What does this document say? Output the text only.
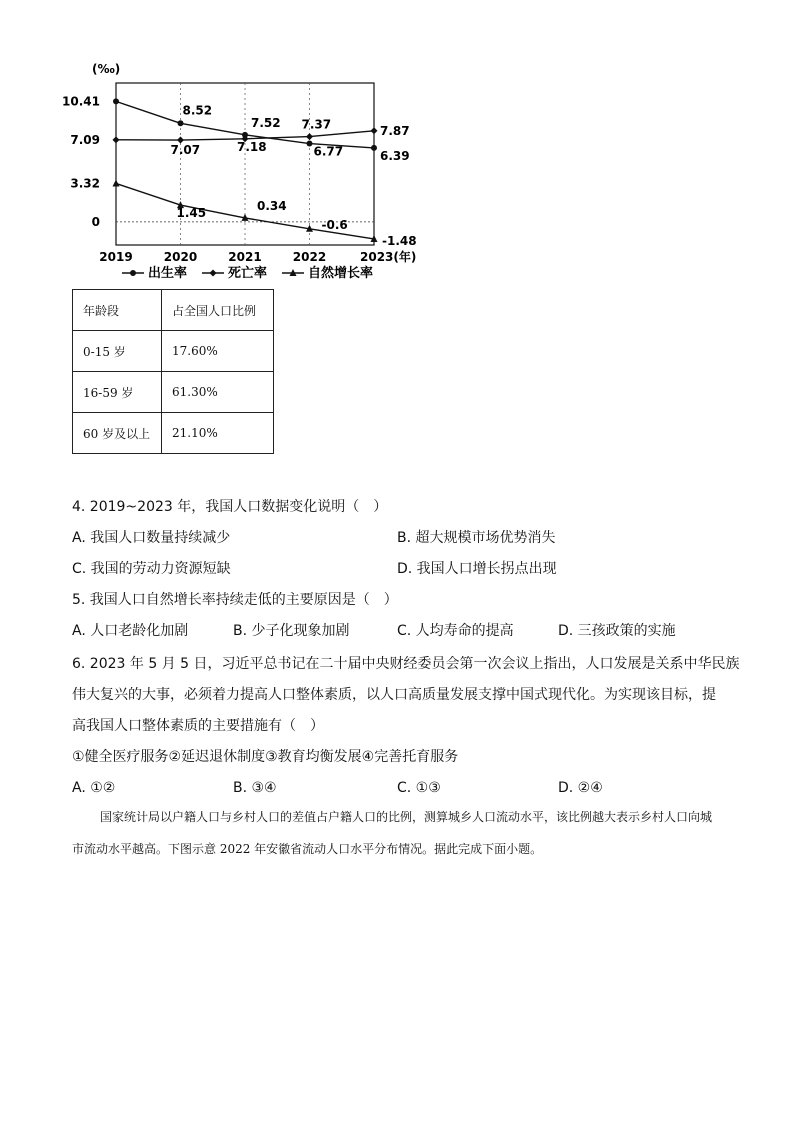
(‰)
10.41
7.09
3.32
0
2019	2020	2021	2022	2023(年)
8.52
7.52
6.77	6.39
7.07	7.18
7.37	7.87
1.45
0.34
-0.6
-1.48
出生率	死亡率	自然增长率
年龄段	占全国人口比例
0-15 岁	17.60%
16-59 岁	61.30%
60 岁及以上	21.10%
4. 2019~2023 年，我国人口数据变化说明（　）
A. 我国人口数量持续减少	B. 超大规模市场优势消失
C. 我国的劳动力资源短缺	D. 我国人口增长拐点出现
5. 我国人口自然增长率持续走低的主要原因是（　）
A. 人口老龄化加剧	B. 少子化现象加剧	C. 人均寿命的提高	D. 三孩政策的实施
6. 2023 年 5 月 5 日，习近平总书记在二十届中央财经委员会第一次会议上指出，人口发展是关系中华民族
伟大复兴的大事，必须着力提高人口整体素质，以人口高质量发展支撑中国式现代化。为实现该目标，提
高我国人口整体素质的主要措施有（　）
①健全医疗服务②延迟退休制度③教育均衡发展④完善托育服务
A. ①②	B. ③④	C. ①③	D. ②④
国家统计局以户籍人口与乡村人口的差值占户籍人口的比例，测算城乡人口流动水平，该比例越大表示乡村人口向城市流动水平越高。下图示意 2022 年安徽省流动人口水平分布情况。据此完成下面小题。
